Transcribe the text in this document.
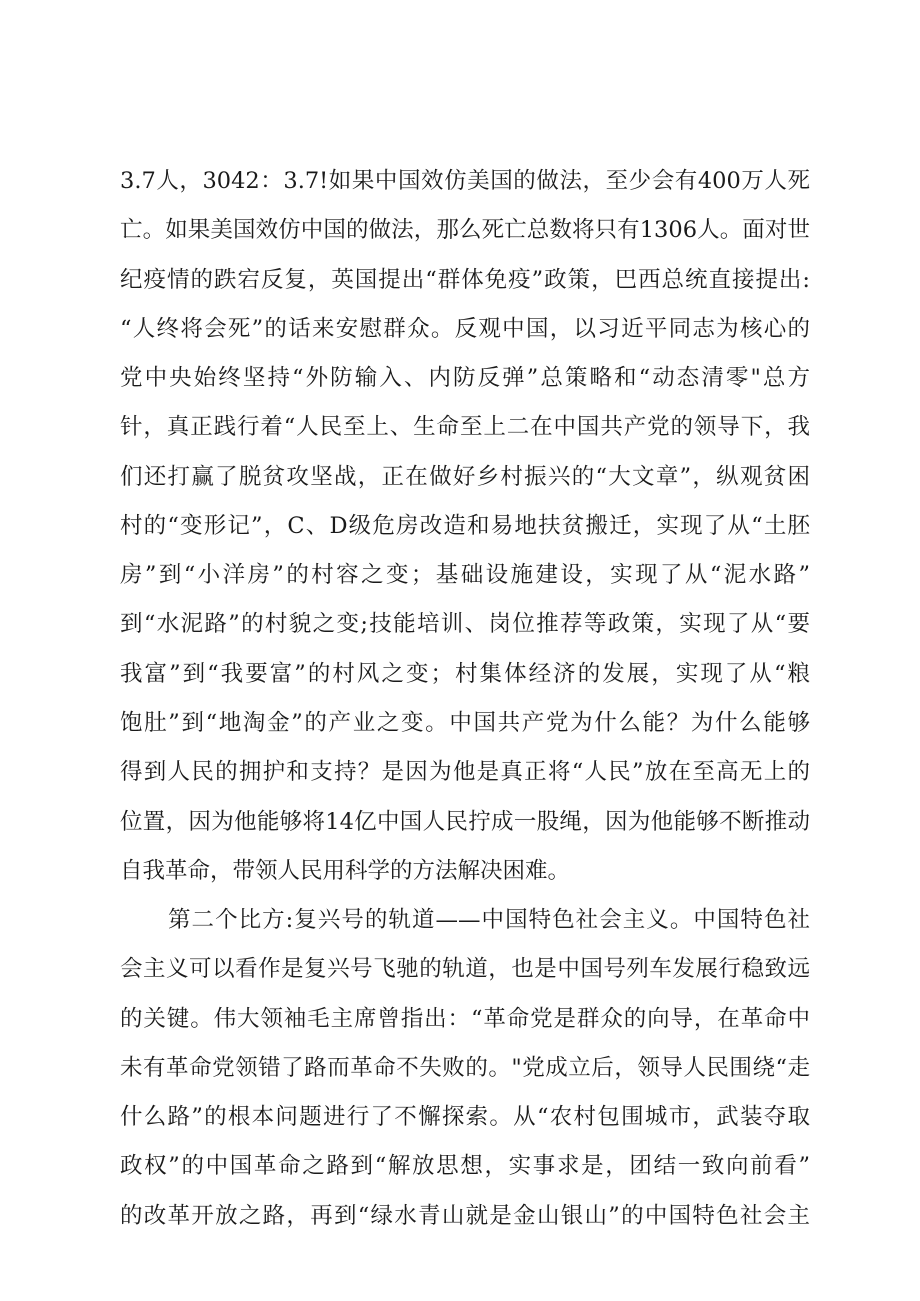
3.7人，3042：3.7!如果中国效仿美国的做法，至少会有400万人死
亡。如果美国效仿中国的做法，那么死亡总数将只有1306人。面对世
纪疫情的跌宕反复，英国提出“群体免疫”政策，巴西总统直接提出:
“人终将会死”的话来安慰群众。反观中国，以习近平同志为核心的
党中央始终坚持“外防输入、内防反弹”总策略和“动态清零"总方
针，真正践行着“人民至上、生命至上二在中国共产党的领导下，我
们还打赢了脱贫攻坚战，正在做好乡村振兴的“大文章”，纵观贫困
村的“变形记”，C、D级危房改造和易地扶贫搬迁，实现了从“土胚
房”到“小洋房”的村容之变；基础设施建设，实现了从“泥水路”
到“水泥路”的村貌之变;技能培训、岗位推荐等政策，实现了从“要
我富”到“我要富”的村风之变；村集体经济的发展，实现了从“粮
饱肚”到“地淘金”的产业之变。中国共产党为什么能？为什么能够
得到人民的拥护和支持？是因为他是真正将“人民”放在至高无上的
位置，因为他能够将14亿中国人民拧成一股绳，因为他能够不断推动
自我革命，带领人民用科学的方法解决困难。
第二个比方:复兴号的轨道——中国特色社会主义。中国特色社
会主义可以看作是复兴号飞驰的轨道，也是中国号列车发展行稳致远
的关键。伟大领袖毛主席曾指出：“革命党是群众的向导，在革命中
未有革命党领错了路而革命不失败的。"党成立后，领导人民围绕“走
什么路”的根本问题进行了不懈探索。从“农村包围城市，武装夺取
政权”的中国革命之路到“解放思想，实事求是，团结一致向前看”
的改革开放之路，再到“绿水青山就是金山银山”的中国特色社会主
